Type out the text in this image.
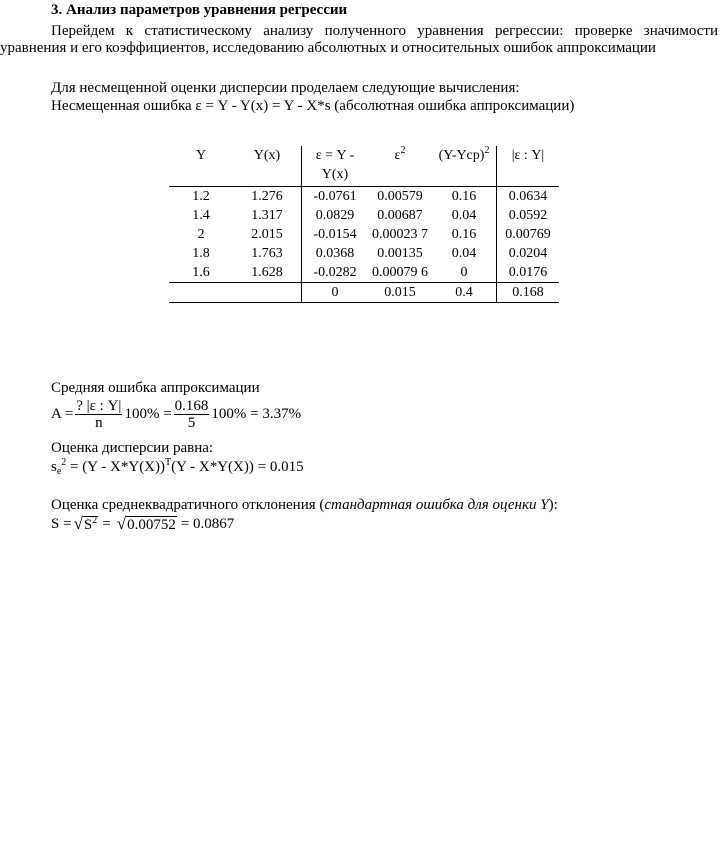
3. Анализ параметров уравнения регрессии
Перейдем к статистическому анализу полученного уравнения регрессии: проверке значимости уравнения и его коэффициентов, исследованию абсолютных и относительных ошибок аппроксимации
Для несмещенной оценки дисперсии проделаем следующие вычисления:
Несмещенная ошибка ε = Y - Y(x) = Y - X*s (абсолютная ошибка аппроксимации)
Y	Y(x)	ε = Y - Y(x)	$\varepsilon^2$	$(Y-Yср)^2$	|ε : Y|
1.2	1.276	-0.0761	0.00579	0.16	0.0634
1.4	1.317	0.0829	0.00687	0.04	0.0592
2	2.015	-0.0154	0.00023 7	0.16	0.00769
1.8	1.763	0.0368	0.00135	0.04	0.0204
1.6	1.628	-0.0282	0.00079 6	0	0.0176
		0	0.015	0.4	0.168
Средняя ошибка аппроксимации
$A = \frac{? |\varepsilon : Y|}{n} 100\% = \frac{0.168}{5} 100\% = 3.37\%$
Оценка дисперсии равна:
$s_e^2 = (Y - X*Y(X))^T(Y - X*Y(X)) = 0.015$
Оценка среднеквадратичного отклонения (стандартная ошибка для оценки Y):
S = √ $S^2$ = √ 0.00752 = 0.0867
